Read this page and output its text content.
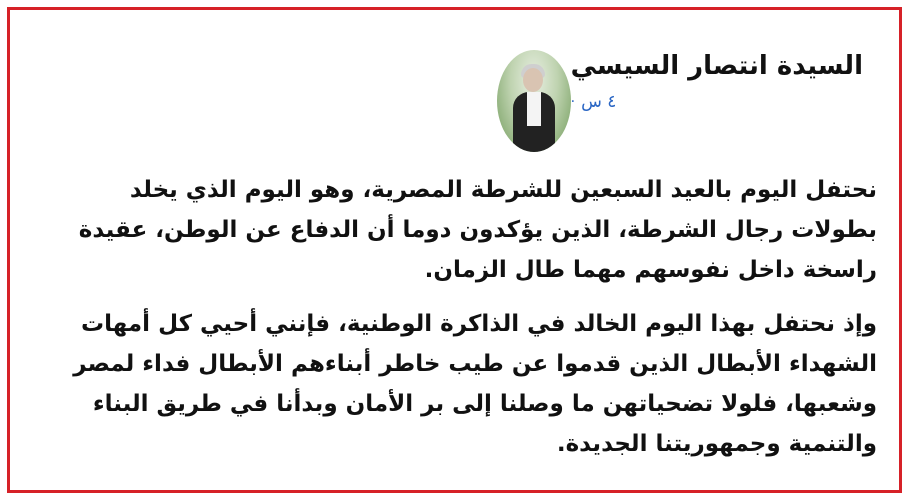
السيدة انتصار السيسي
٤ س
·

نحتفل اليوم بالعيد السبعين للشرطة المصرية، وهو اليوم الذي يخلد بطولات رجال الشرطة، الذين يؤكدون دوما أن الدفاع عن الوطن، عقيدة راسخة داخل نفوسهم مهما طال الزمان.

وإذ نحتفل بهذا اليوم الخالد في الذاكرة الوطنية، فإنني أحيي كل أمهات الشهداء الأبطال الذين قدموا عن طيب خاطر أبناءهم الأبطال فداء لمصر وشعبها، فلولا تضحياتهن ما وصلنا إلى بر الأمان وبدأنا في طريق البناء والتنمية وجمهوريتنا الجديدة.
